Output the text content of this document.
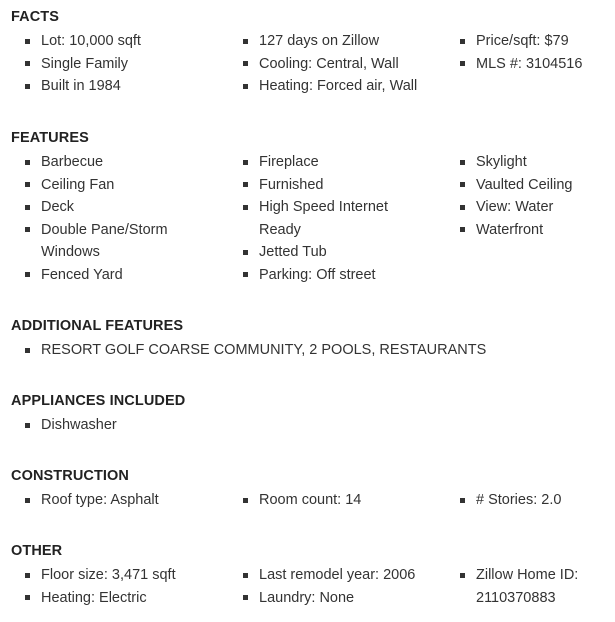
FACTS
Lot: 10,000 sqft
Single Family
Built in 1984
127 days on Zillow
Cooling: Central, Wall
Heating: Forced air, Wall
Price/sqft: $79
MLS #: 3104516
FEATURES
Barbecue
Ceiling Fan
Deck
Double Pane/Storm Windows
Fenced Yard
Fireplace
Furnished
High Speed Internet Ready
Jetted Tub
Parking: Off street
Skylight
Vaulted Ceiling
View: Water
Waterfront
ADDITIONAL FEATURES
RESORT GOLF COARSE COMMUNITY, 2 POOLS, RESTAURANTS
APPLIANCES INCLUDED
Dishwasher
CONSTRUCTION
Roof type: Asphalt	Room count: 14	# Stories: 2.0
OTHER
Floor size: 3,471 sqft
Heating: Electric
Last remodel year: 2006
Laundry: None
Zillow Home ID: 2110370883
